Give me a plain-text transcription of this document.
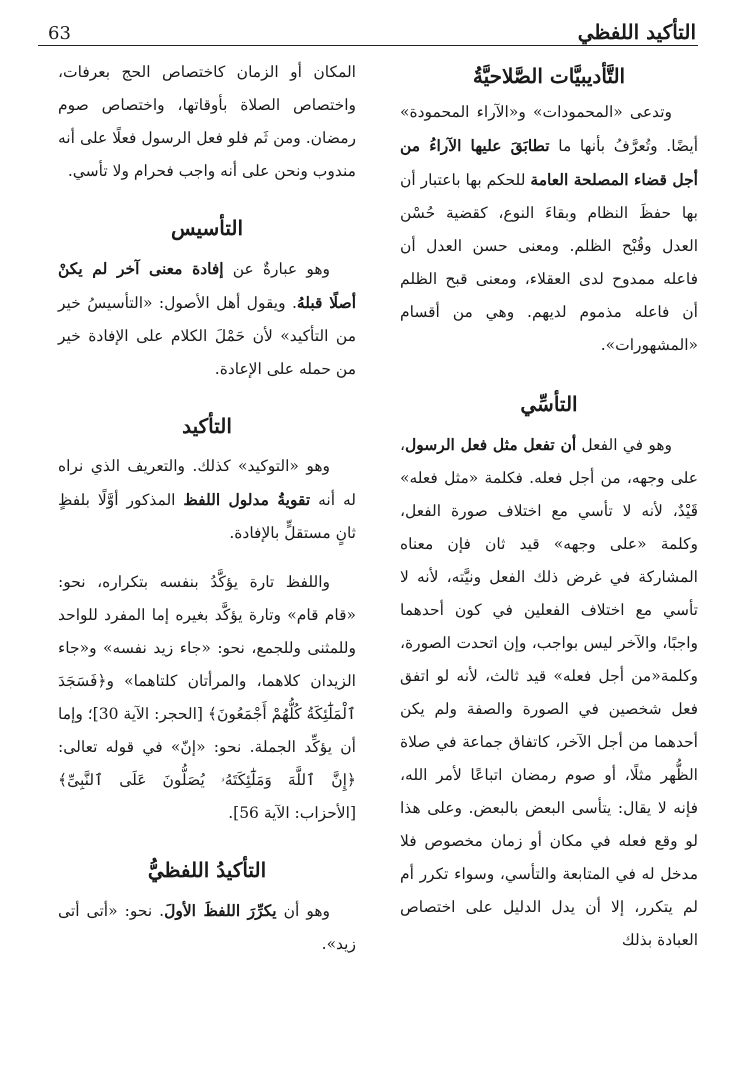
التأكيد اللفظي
63
التَّأديبيَّات الصَّلاحيَّةُ

وتدعى «المحمودات» و«الآراء المحمودة» أيضًا. وتُعرَّفُ بأنها ما تطابَقَ عليها الآراءُ من أجل قضاء المصلحة العامة للحكم بها باعتبار أن بها حفظَ النظام وبقاءَ النوع، كقضية حُسْن العدل وقُبْح الظلم. ومعنى حسن العدل أن فاعله ممدوح لدى العقلاء، ومعنى قبح الظلم أن فاعله مذموم لديهم. وهي من أقسام «المشهورات».

التأسِّي

وهو في الفعل أن تفعل مثل فعل الرسول، على وجهه، من أجل فعله. فكلمة «مثل فعله» قَيْدٌ، لأنه لا تأسي مع اختلاف صورة الفعل، وكلمة «على وجهه» قيد ثان فإن معناه المشاركة في غرض ذلك الفعل ونيَّته، لأنه لا تأسي مع اختلاف الفعلين في كون أحدهما واجبًا، والآخر ليس بواجب، وإن اتحدت الصورة، وكلمة«من أجل فعله» قيد ثالث، لأنه لو اتفق فعل شخصين في الصورة والصفة ولم يكن أحدهما من أجل الآخر، كاتفاق جماعة في صلاة الظُّهر مثلًا، أو صوم رمضان اتباعًا لأمر الله، فإنه لا يقال: يتأسى البعض بالبعض. وعلى هذا لو وقع فعله في مكان أو زمان مخصوص فلا مدخل له في المتابعة والتأسي، وسواء تكرر أم لم يتكرر، إلا أن يدل الدليل على اختصاص العبادة بذلك

المكان أو الزمان كاختصاص الحج بعرفات، واختصاص الصلاة بأوقاتها، واختصاص صوم رمضان. ومن ثَم فلو فعل الرسول فعلًا على أنه مندوب ونحن على أنه واجب فحرام ولا تأسي.

التأسيس

وهو عبارةٌ عن إفادة معنى آخر لم يكنْ أصلًا قبلهُ. ويقول أهل الأصول: «التأسيسُ خير من التأكيد» لأن حَمْلَ الكلام على الإفادة خير من حمله على الإعادة.

التأكيد

وهو «التوكيد» كذلك. والتعريف الذي نراه له أنه تقويةُ مدلول اللفظ المذكور أوَّلًا بلفظٍ ثانٍ مستقلٍّ بالإفادة.

واللفظ تارة يؤكَّدُ بنفسه بتكراره، نحو: «قام قام» وتارة يؤكَّد بغيره إما المفرد للواحد وللمثنى وللجمع، نحو: «جاء زيد نفسه» و«جاء الزيدان كلاهما، والمرأتان كلتاهما» و﴿فَسَجَدَ ٱلْمَلَٰٓئِكَةُ كُلُّهُمْ أَجْمَعُونَ﴾ [الحجر: الآية 30]؛ وإما أن يؤكِّد الجملة. نحو: «إنّ» في قوله تعالى: ﴿إِنَّ ٱللَّهَ وَمَلَٰٓئِكَتَهُۥ يُصَلُّونَ عَلَى ٱلنَّبِىِّ﴾ [الأحزاب: الآية 56].

التأكيدُ اللفظيُّ

وهو أن يكرِّرَ اللفظَ الأولَ. نحو: «أتى أتى زيد».
